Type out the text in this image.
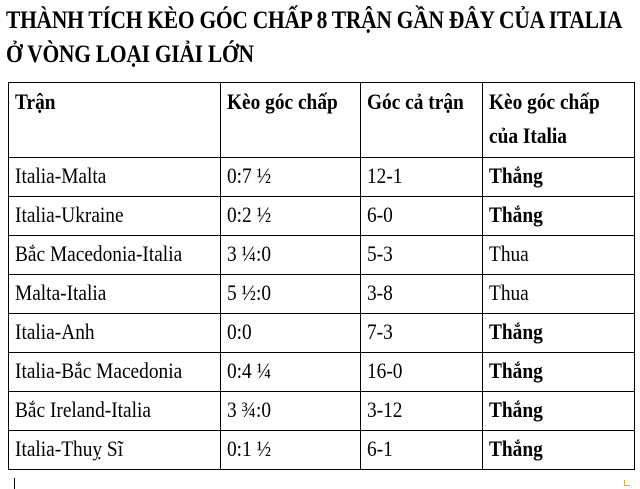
THÀNH TÍCH KÈO GÓC CHẤP 8 TRẬN GẦN ĐÂY CỦA ITALIA Ở VÒNG LOẠI GIẢI LỚN
Trận	Kèo góc chấp	Góc cả trận	Kèo góc chấp của Italia
Italia-Malta	0:7 ½	12-1	Thắng
Italia-Ukraine	0:2 ½	6-0	Thắng
Bắc Macedonia-Italia	3 ¼:0	5-3	Thua
Malta-Italia	5 ½:0	3-8	Thua
Italia-Anh	0:0	7-3	Thắng
Italia-Bắc Macedonia	0:4 ¼	16-0	Thắng
Bắc Ireland-Italia	3 ¾:0	3-12	Thắng
Italia-Thuỵ Sĩ	0:1 ½	6-1	Thắng
